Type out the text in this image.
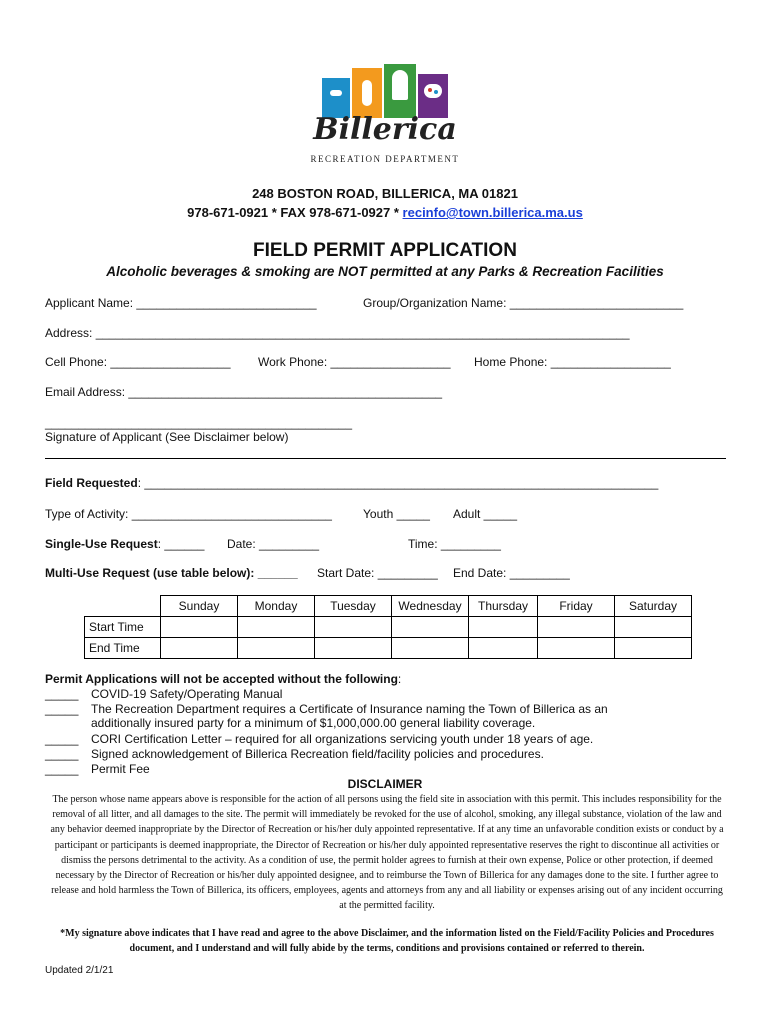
Billerica
RECREATION DEPARTMENT
248 BOSTON ROAD, BILLERICA, MA 01821
978-671-0921 * FAX 978-671-0927 * recinfo@town.billerica.ma.us
FIELD PERMIT APPLICATION
Alcoholic beverages & smoking are NOT permitted at any Parks & Recreation Facilities
Applicant Name: ___________________________	Group/Organization Name: __________________________
Address: ________________________________________________________________________________
Cell Phone: __________________ Work Phone: __________________ Home Phone: __________________
Email Address: _______________________________________________
______________________________________________
Signature of Applicant (See Disclaimer below)
Field Requested: _____________________________________________________________________________
Type of Activity: ______________________________	Youth _____ Adult _____
Single-Use Request: ______ Date: _________	Time: _________
Multi-Use Request (use table below): ______ Start Date: _________ End Date: _________
	Sunday	Monday	Tuesday	Wednesday	Thursday	Friday	Saturday
Start Time							
End Time							
Permit Applications will not be accepted without the following:
_____ COVID-19 Safety/Operating Manual
_____ The Recreation Department requires a Certificate of Insurance naming the Town of Billerica as an
additionally insured party for a minimum of $1,000,000.00 general liability coverage.
_____ CORI Certification Letter – required for all organizations servicing youth under 18 years of age.
_____ Signed acknowledgement of Billerica Recreation field/facility policies and procedures.
_____ Permit Fee
DISCLAIMER
The person whose name appears above is responsible for the action of all persons using the field site in association with this permit. This includes responsibility for the removal of all litter, and all damages to the site. The permit will immediately be revoked for the use of alcohol, smoking, any illegal substance, violation of the law and any behavior deemed inappropriate by the Director of Recreation or his/her duly appointed representative. If at any time an unfavorable condition exists or conduct by a participant or participants is deemed inappropriate, the Director of Recreation or his/her duly appointed representative reserves the right to discontinue all activities or dismiss the persons detrimental to the activity. As a condition of use, the permit holder agrees to furnish at their own expense, Police or other protection, if deemed necessary by the Director of Recreation or his/her duly appointed designee, and to reimburse the Town of Billerica for any damages done to the site. I further agree to release and hold harmless the Town of Billerica, its officers, employees, agents and attorneys from any and all liability or expenses arising out of any incident occurring at the permitted facility.
*My signature above indicates that I have read and agree to the above Disclaimer, and the information listed on the Field/Facility Policies and Procedures document, and I understand and will fully abide by the terms, conditions and provisions contained or referred to therein.
Updated 2/1/21
